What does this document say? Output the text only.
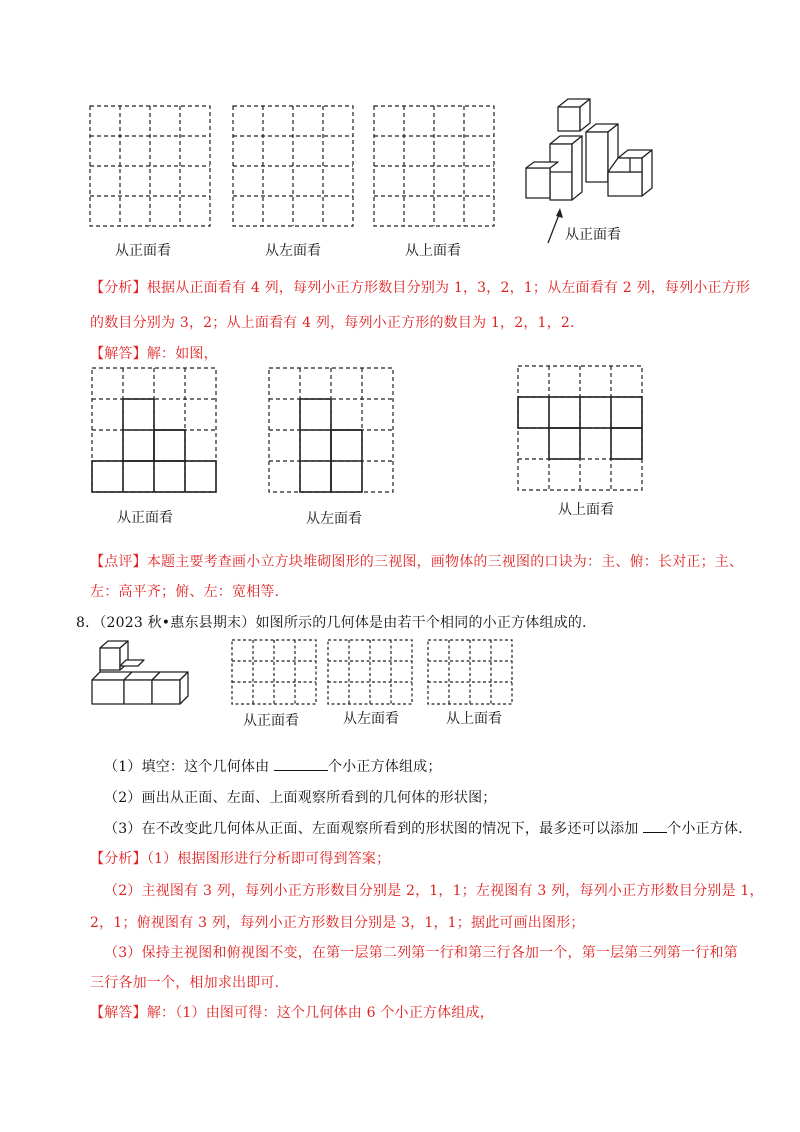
从正面看	从左面看	从上面看
从正面看
【分析】根据从正面看有 4 列，每列小正方形数目分别为 1，3，2，1；从左面看有 2 列，每列小正方形
的数目分别为 3，2；从上面看有 4 列，每列小正方形的数目为 1，2，1，2.
【解答】解：如图，
从正面看	从左面看
从上面看
【点评】本题主要考查画小立方块堆砌图形的三视图，画物体的三视图的口诀为：主、俯：长对正；主、
左：高平齐；俯、左：宽相等.
8．（2023 秋•惠东县期末）如图所示的几何体是由若干个相同的小正方体组成的.
从正面看	从左面看	从上面看
（1）填空：这个几何体由	个小正方体组成；
（2）画出从正面、左面、上面观察所看到的几何体的形状图；
（3）在不改变此几何体从正面、左面观察所看到的形状图的情况下，最多还可以添加 个小正方体.
【分析】（1）根据图形进行分析即可得到答案；
（2）主视图有 3 列，每列小正方形数目分别是 2，1，1；左视图有 3 列，每列小正方形数目分别是 1，
2，1；俯视图有 3 列，每列小正方形数目分别是 3，1，1；据此可画出图形；
（3）保持主视图和俯视图不变，在第一层第二列第一行和第三行各加一个，第一层第三列第一行和第
三行各加一个，相加求出即可.
【解答】解：（1）由图可得：这个几何体由 6 个小正方体组成，
